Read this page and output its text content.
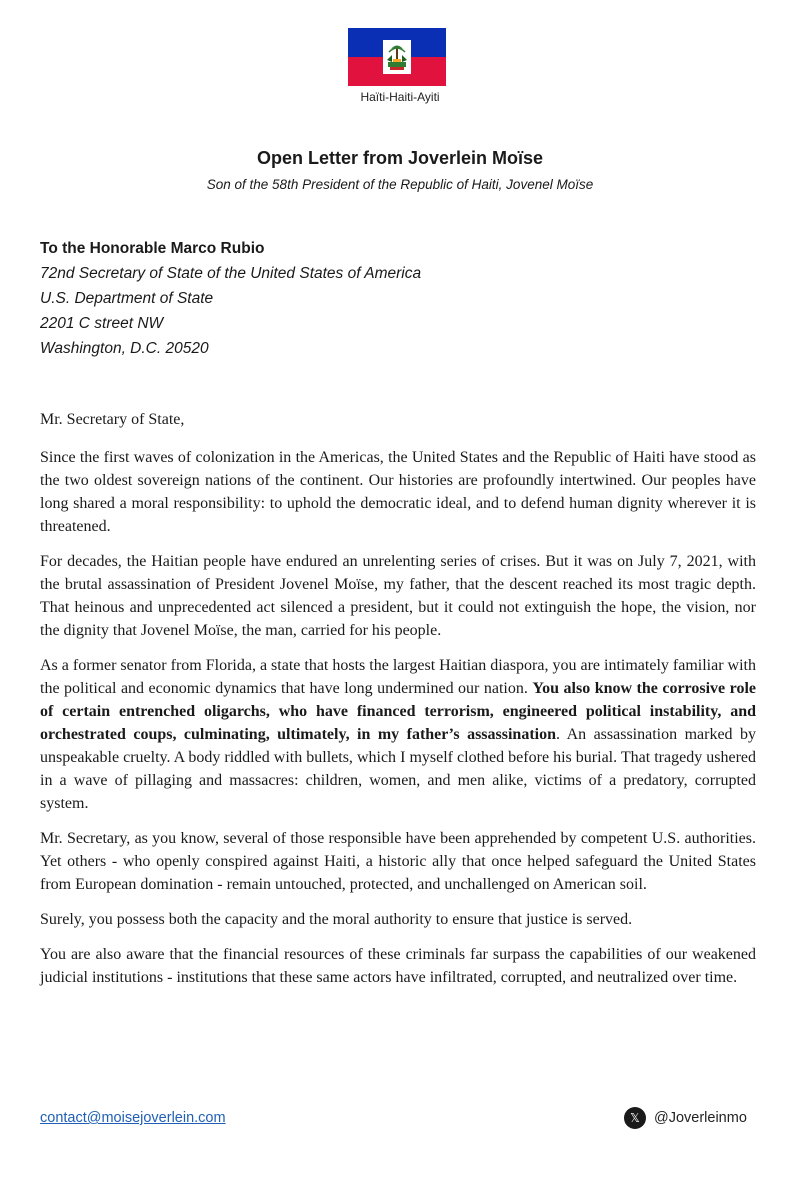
Haïti-Haiti-Ayiti
Open Letter from Joverlein Moïse
Son of the 58th President of the Republic of Haiti, Jovenel Moïse
To the Honorable Marco Rubio
72nd Secretary of State of the United States of America
U.S. Department of State
2201 C street NW
Washington, D.C. 20520

Mr. Secretary of State,

Since the first waves of colonization in the Americas, the United States and the Republic of Haiti have stood as the two oldest sovereign nations of the continent. Our histories are profoundly intertwined. Our peoples have long shared a moral responsibility: to uphold the democratic ideal, and to defend human dignity wherever it is threatened.

For decades, the Haitian people have endured an unrelenting series of crises. But it was on July 7, 2021, with the brutal assassination of President Jovenel Moïse, my father, that the descent reached its most tragic depth. That heinous and unprecedented act silenced a president, but it could not extinguish the hope, the vision, nor the dignity that Jovenel Moïse, the man, carried for his people.

As a former senator from Florida, a state that hosts the largest Haitian diaspora, you are intimately familiar with the political and economic dynamics that have long undermined our nation. You also know the corrosive role of certain entrenched oligarchs, who have financed terrorism, engineered political instability, and orchestrated coups, culminating, ultimately, in my father’s assassination. An assassination marked by unspeakable cruelty. A body riddled with bullets, which I myself clothed before his burial. That tragedy ushered in a wave of pillaging and massacres: children, women, and men alike, victims of a predatory, corrupted system.

Mr. Secretary, as you know, several of those responsible have been apprehended by competent U.S. authorities. Yet others - who openly conspired against Haiti, a historic ally that once helped safeguard the United States from European domination - remain untouched, protected, and unchallenged on American soil.

Surely, you possess both the capacity and the moral authority to ensure that justice is served.

You are also aware that the financial resources of these criminals far surpass the capabilities of our weakened judicial institutions - institutions that these same actors have infiltrated, corrupted, and neutralized over time.

contact@moisejoverlein.com	𝕏 @Joverleinmo
